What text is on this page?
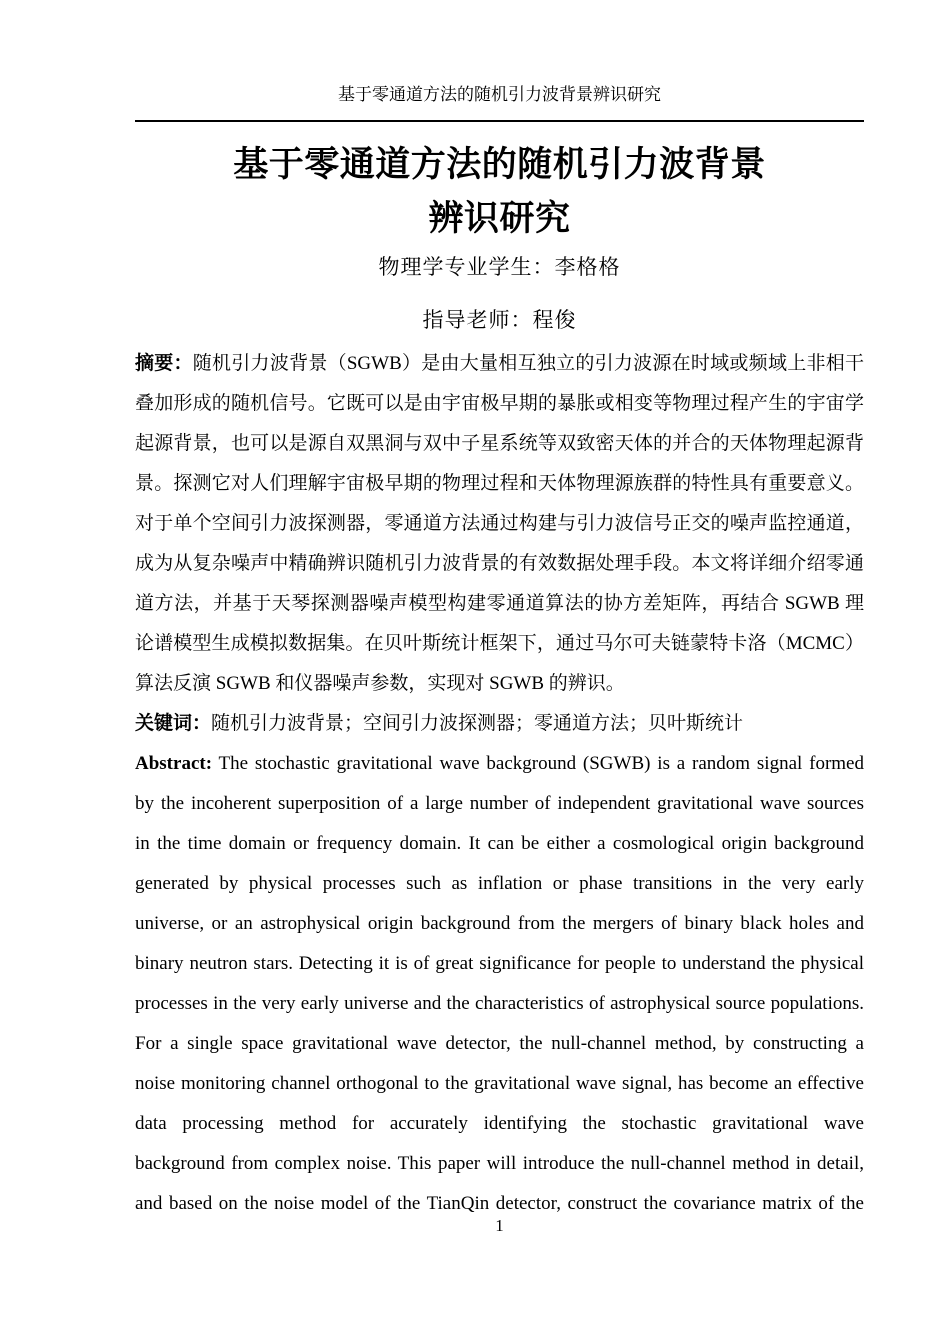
基于零通道方法的随机引力波背景辨识研究
基于零通道方法的随机引力波背景
辨识研究
物理学专业学生：李格格
指导老师：程俊
摘要：随机引力波背景（SGWB）是由大量相互独立的引力波源在时域或频域上非相干
叠加形成的随机信号。它既可以是由宇宙极早期的暴胀或相变等物理过程产生的宇宙学
起源背景，也可以是源自双黑洞与双中子星系统等双致密天体的并合的天体物理起源背
景。探测它对人们理解宇宙极早期的物理过程和天体物理源族群的特性具有重要意义。
对于单个空间引力波探测器，零通道方法通过构建与引力波信号正交的噪声监控通道，
成为从复杂噪声中精确辨识随机引力波背景的有效数据处理手段。本文将详细介绍零通
道方法，并基于天琴探测器噪声模型构建零通道算法的协方差矩阵，再结合 SGWB 理
论谱模型生成模拟数据集。在贝叶斯统计框架下，通过马尔可夫链蒙特卡洛（MCMC）
算法反演 SGWB 和仪器噪声参数，实现对 SGWB 的辨识。
关键词：随机引力波背景；空间引力波探测器；零通道方法；贝叶斯统计
Abstract: The stochastic gravitational wave background (SGWB) is a random signal formed
by the incoherent superposition of a large number of independent gravitational wave sources
in the time domain or frequency domain. It can be either a cosmological origin background
generated by physical processes such as inflation or phase transitions in the very early
universe, or an astrophysical origin background from the mergers of binary black holes and
binary neutron stars. Detecting it is of great significance for people to understand the physical
processes in the very early universe and the characteristics of astrophysical source populations.
For a single space gravitational wave detector, the null-channel method, by constructing a
noise monitoring channel orthogonal to the gravitational wave signal, has become an effective
data processing method for accurately identifying the stochastic gravitational wave
background from complex noise. This paper will introduce the null-channel method in detail,
and based on the noise model of the TianQin detector, construct the covariance matrix of the
1
